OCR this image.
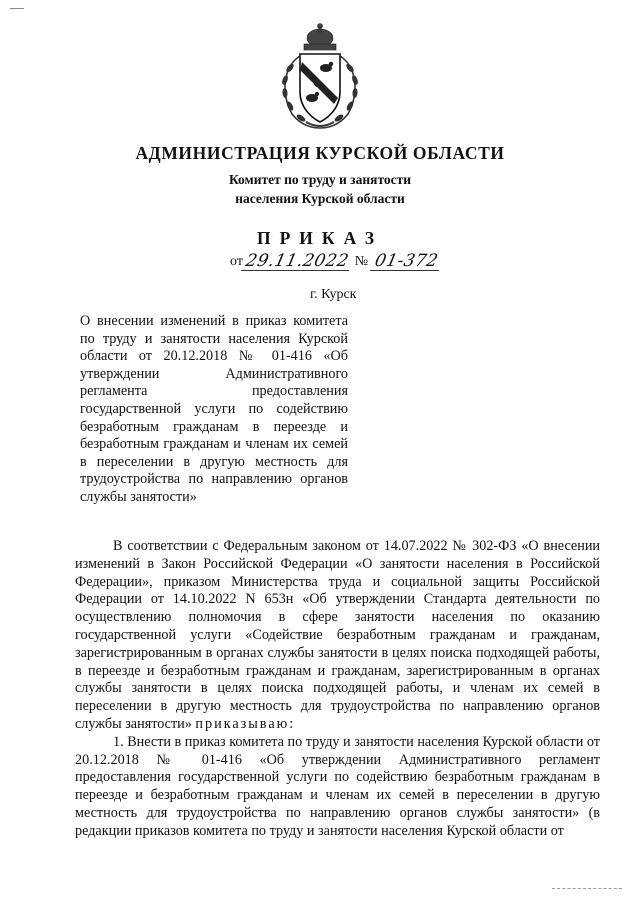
АДМИНИСТРАЦИЯ КУРСКОЙ ОБЛАСТИ
Комитет по труду и занятости
населения Курской области
ПРИКАЗ
от29.11.2022 № 01-372
г. Курск
О внесении изменений в приказ комитета по труду и занятости населения Курской области от 20.12.2018 № 01-416 «Об утверждении Административного регламента предоставления государственной услуги по содействию безработным гражданам в переезде и безработным гражданам и членам их семей в переселении в другую местность для трудоустройства по направлению органов службы занятости»

В соответствии с Федеральным законом от 14.07.2022 № 302-ФЗ «О внесении изменений в Закон Российской Федерации «О занятости населения в Российской Федерации», приказом Министерства труда и социальной защиты Российской Федерации от 14.10.2022 N 653н «Об утверждении Стандарта деятельности по осуществлению полномочия в сфере занятости населения по оказанию государственной услуги «Содействие безработным гражданам и гражданам, зарегистрированным в органах службы занятости в целях поиска подходящей работы, в переезде и безработным гражданам и гражданам, зарегистрированным в органах службы занятости в целях поиска подходящей работы, и членам их семей в переселении в другую местность для трудоустройства по направлению органов службы занятости» приказываю:

1. Внести в приказ комитета по труду и занятости населения Курской области от 20.12.2018 № 01-416 «Об утверждении Административного регламент предоставления государственной услуги по содействию безработным гражданам в переезде и безработным гражданам и членам их семей в переселении в другую местность для трудоустройства по направлению органов службы занятости» (в редакции приказов комитета по труду и занятости населения Курской области от
